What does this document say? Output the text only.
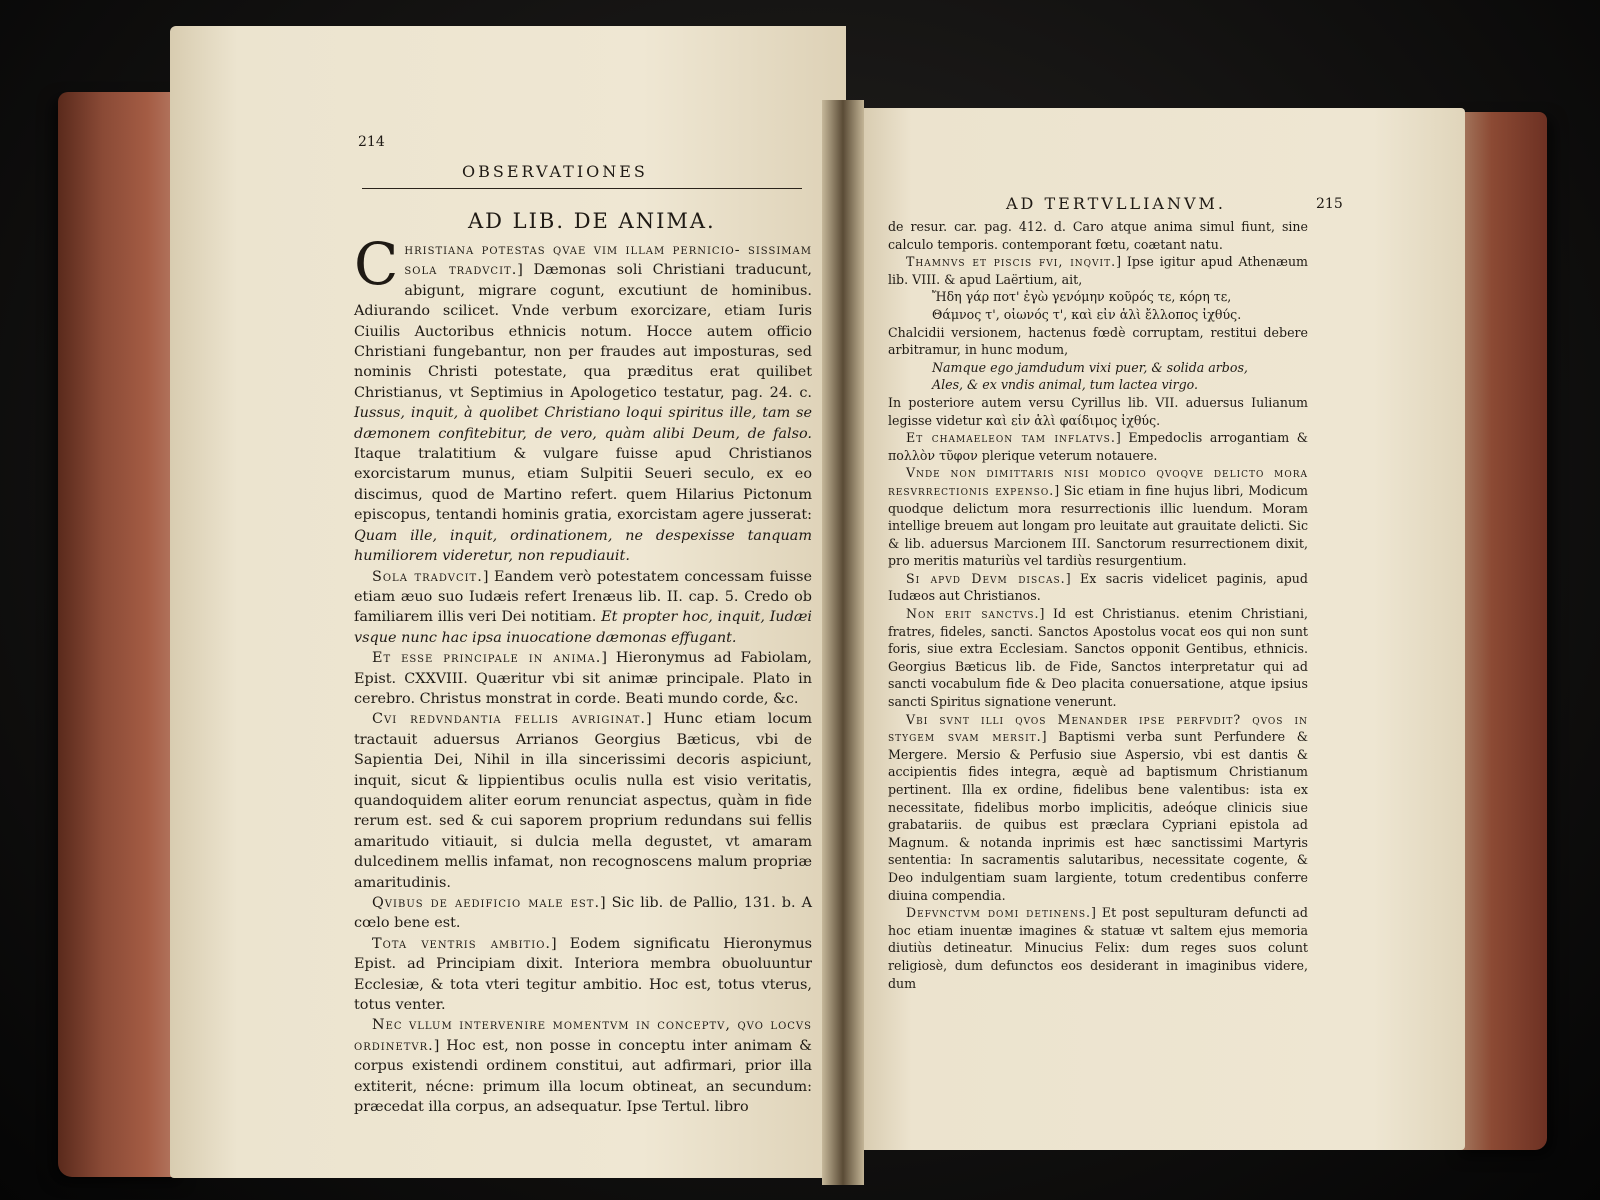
214
OBSERVATIONES
AD LIB. DE ANIMA.

Christiana potestas qvae vim illam pernicio- sissimam sola tradvcit.] Dæmonas soli Christiani traducunt, abigunt, migrare cogunt, excutiunt de hominibus. Adiurando scilicet. Vnde verbum exorcizare, etiam Iuris Ciuilis Auctoribus ethnicis notum. Hocce autem officio Christiani fungebantur, non per fraudes aut imposturas, sed nominis Christi potestate, qua præditus erat quilibet Christianus, vt Septimius in Apologetico testatur, pag. 24. c. Iussus, inquit, à quolibet Christiano loqui spiritus ille, tam se dæmonem confitebitur, de vero, quàm alibi Deum, de falso. Itaque tralatitium & vulgare fuisse apud Christianos exorcistarum munus, etiam Sulpitii Seueri seculo, ex eo discimus, quod de Martino refert. quem Hilarius Pictonum episcopus, tentandi hominis gratia, exorcistam agere jusserat: Quam ille, inquit, ordinationem, ne despexisse tanquam humiliorem videretur, non repudiauit.

Sola tradvcit.] Eandem verò potestatem concessam fuisse etiam æuo suo Iudæis refert Irenæus lib. II. cap. 5. Credo ob familiarem illis veri Dei notitiam. Et propter hoc, inquit, Iudæi vsque nunc hac ipsa inuocatione dæmonas effugant.

Et esse principale in anima.] Hieronymus ad Fabiolam, Epist. CXXVIII. Quæritur vbi sit animæ principale. Plato in cerebro. Christus monstrat in corde. Beati mundo corde, &c.

Cvi redvndantia fellis avriginat.] Hunc etiam locum tractauit aduersus Arrianos Georgius Bæticus, vbi de Sapientia Dei, Nihil in illa sincerissimi decoris aspiciunt, inquit, sicut & lippientibus oculis nulla est visio veritatis, quandoquidem aliter eorum renunciat aspectus, quàm in fide rerum est. sed & cui saporem proprium redundans sui fellis amaritudo vitiauit, si dulcia mella degustet, vt amaram dulcedinem mellis infamat, non recognoscens malum propriæ amaritudinis.

Qvibus de aedificio male est.] Sic lib. de Pallio, 131. b. A cœlo bene est.

Tota ventris ambitio.] Eodem significatu Hieronymus Epist. ad Principiam dixit. Interiora membra obuoluuntur Ecclesiæ, & tota vteri tegitur ambitio. Hoc est, totus vterus, totus venter.

Nec vllum intervenire momentvm in conceptv, qvo locvs ordinetvr.] Hoc est, non posse in conceptu inter animam & corpus existendi ordinem constitui, aut adfirmari, prior illa extiterit, nécne: primum illa locum obtineat, an secundum: præcedat illa corpus, an adsequatur. Ipse Tertul. libro

AD TERTVLLIANVM.	215

de resur. car. pag. 412. d. Caro atque anima simul fiunt, sine calculo temporis. contemporant fœtu, coætant natu.

Thamnvs et piscis fvi, inqvit.] Ipse igitur apud Athenæum lib. VIII. & apud Laërtium, ait,
Ἤδη γάρ ποτ' ἐγὼ γενόμην κοῦρός τε, κόρη τε,
Θάμνος τ', οἰωνός τ', καὶ εἰν ἁλὶ ἔλλοπος ἰχθύς.
Chalcidii versionem, hactenus fœdè corruptam, restitui debere arbitramur, in hunc modum,
Namque ego jamdudum vixi puer, & solida arbos,
Ales, & ex vndis animal, tum lactea virgo.
In posteriore autem versu Cyrillus lib. VII. aduersus Iulianum legisse videtur καὶ εἰν ἁλὶ φαίδιμος ἰχθύς.

Et chamaeleon tam inflatvs.] Empedoclis arrogantiam & πολλὸν τῦφον plerique veterum notauere.

Vnde non dimittaris nisi modico qvoqve delicto mora resvrrectionis expenso.] Sic etiam in fine hujus libri, Modicum quodque delictum mora resurrectionis illic luendum. Moram intellige breuem aut longam pro leuitate aut grauitate delicti. Sic & lib. aduersus Marcionem III. Sanctorum resurrectionem dixit, pro meritis maturiùs vel tardiùs resurgentium.

Si apvd Devm discas.] Ex sacris videlicet paginis, apud Iudæos aut Christianos.

Non erit sanctvs.] Id est Christianus. etenim Christiani, fratres, fideles, sancti. Sanctos Apostolus vocat eos qui non sunt foris, siue extra Ecclesiam. Sanctos opponit Gentibus, ethnicis. Georgius Bæticus lib. de Fide, Sanctos interpretatur qui ad sancti vocabulum fide & Deo placita conuersatione, atque ipsius sancti Spiritus signatione venerunt.

Vbi svnt illi qvos Menander ipse perfvdit? qvos in stygem svam mersit.] Baptismi verba sunt Perfundere & Mergere. Mersio & Perfusio siue Aspersio, vbi est dantis & accipientis fides integra, æquè ad baptismum Christianum pertinent. Illa ex ordine, fidelibus bene valentibus: ista ex necessitate, fidelibus morbo implicitis, adeóque clinicis siue grabatariis. de quibus est præclara Cypriani epistola ad Magnum. & notanda inprimis est hæc sanctissimi Martyris sententia: In sacramentis salutaribus, necessitate cogente, & Deo indulgentiam suam largiente, totum credentibus conferre diuina compendia.

Defvnctvm domi detinens.] Et post sepulturam defuncti ad hoc etiam inuentæ imagines & statuæ vt saltem ejus memoria diutiùs detineatur. Minucius Felix: dum reges suos colunt religiosè, dum defunctos eos desiderant in imaginibus videre, dum
